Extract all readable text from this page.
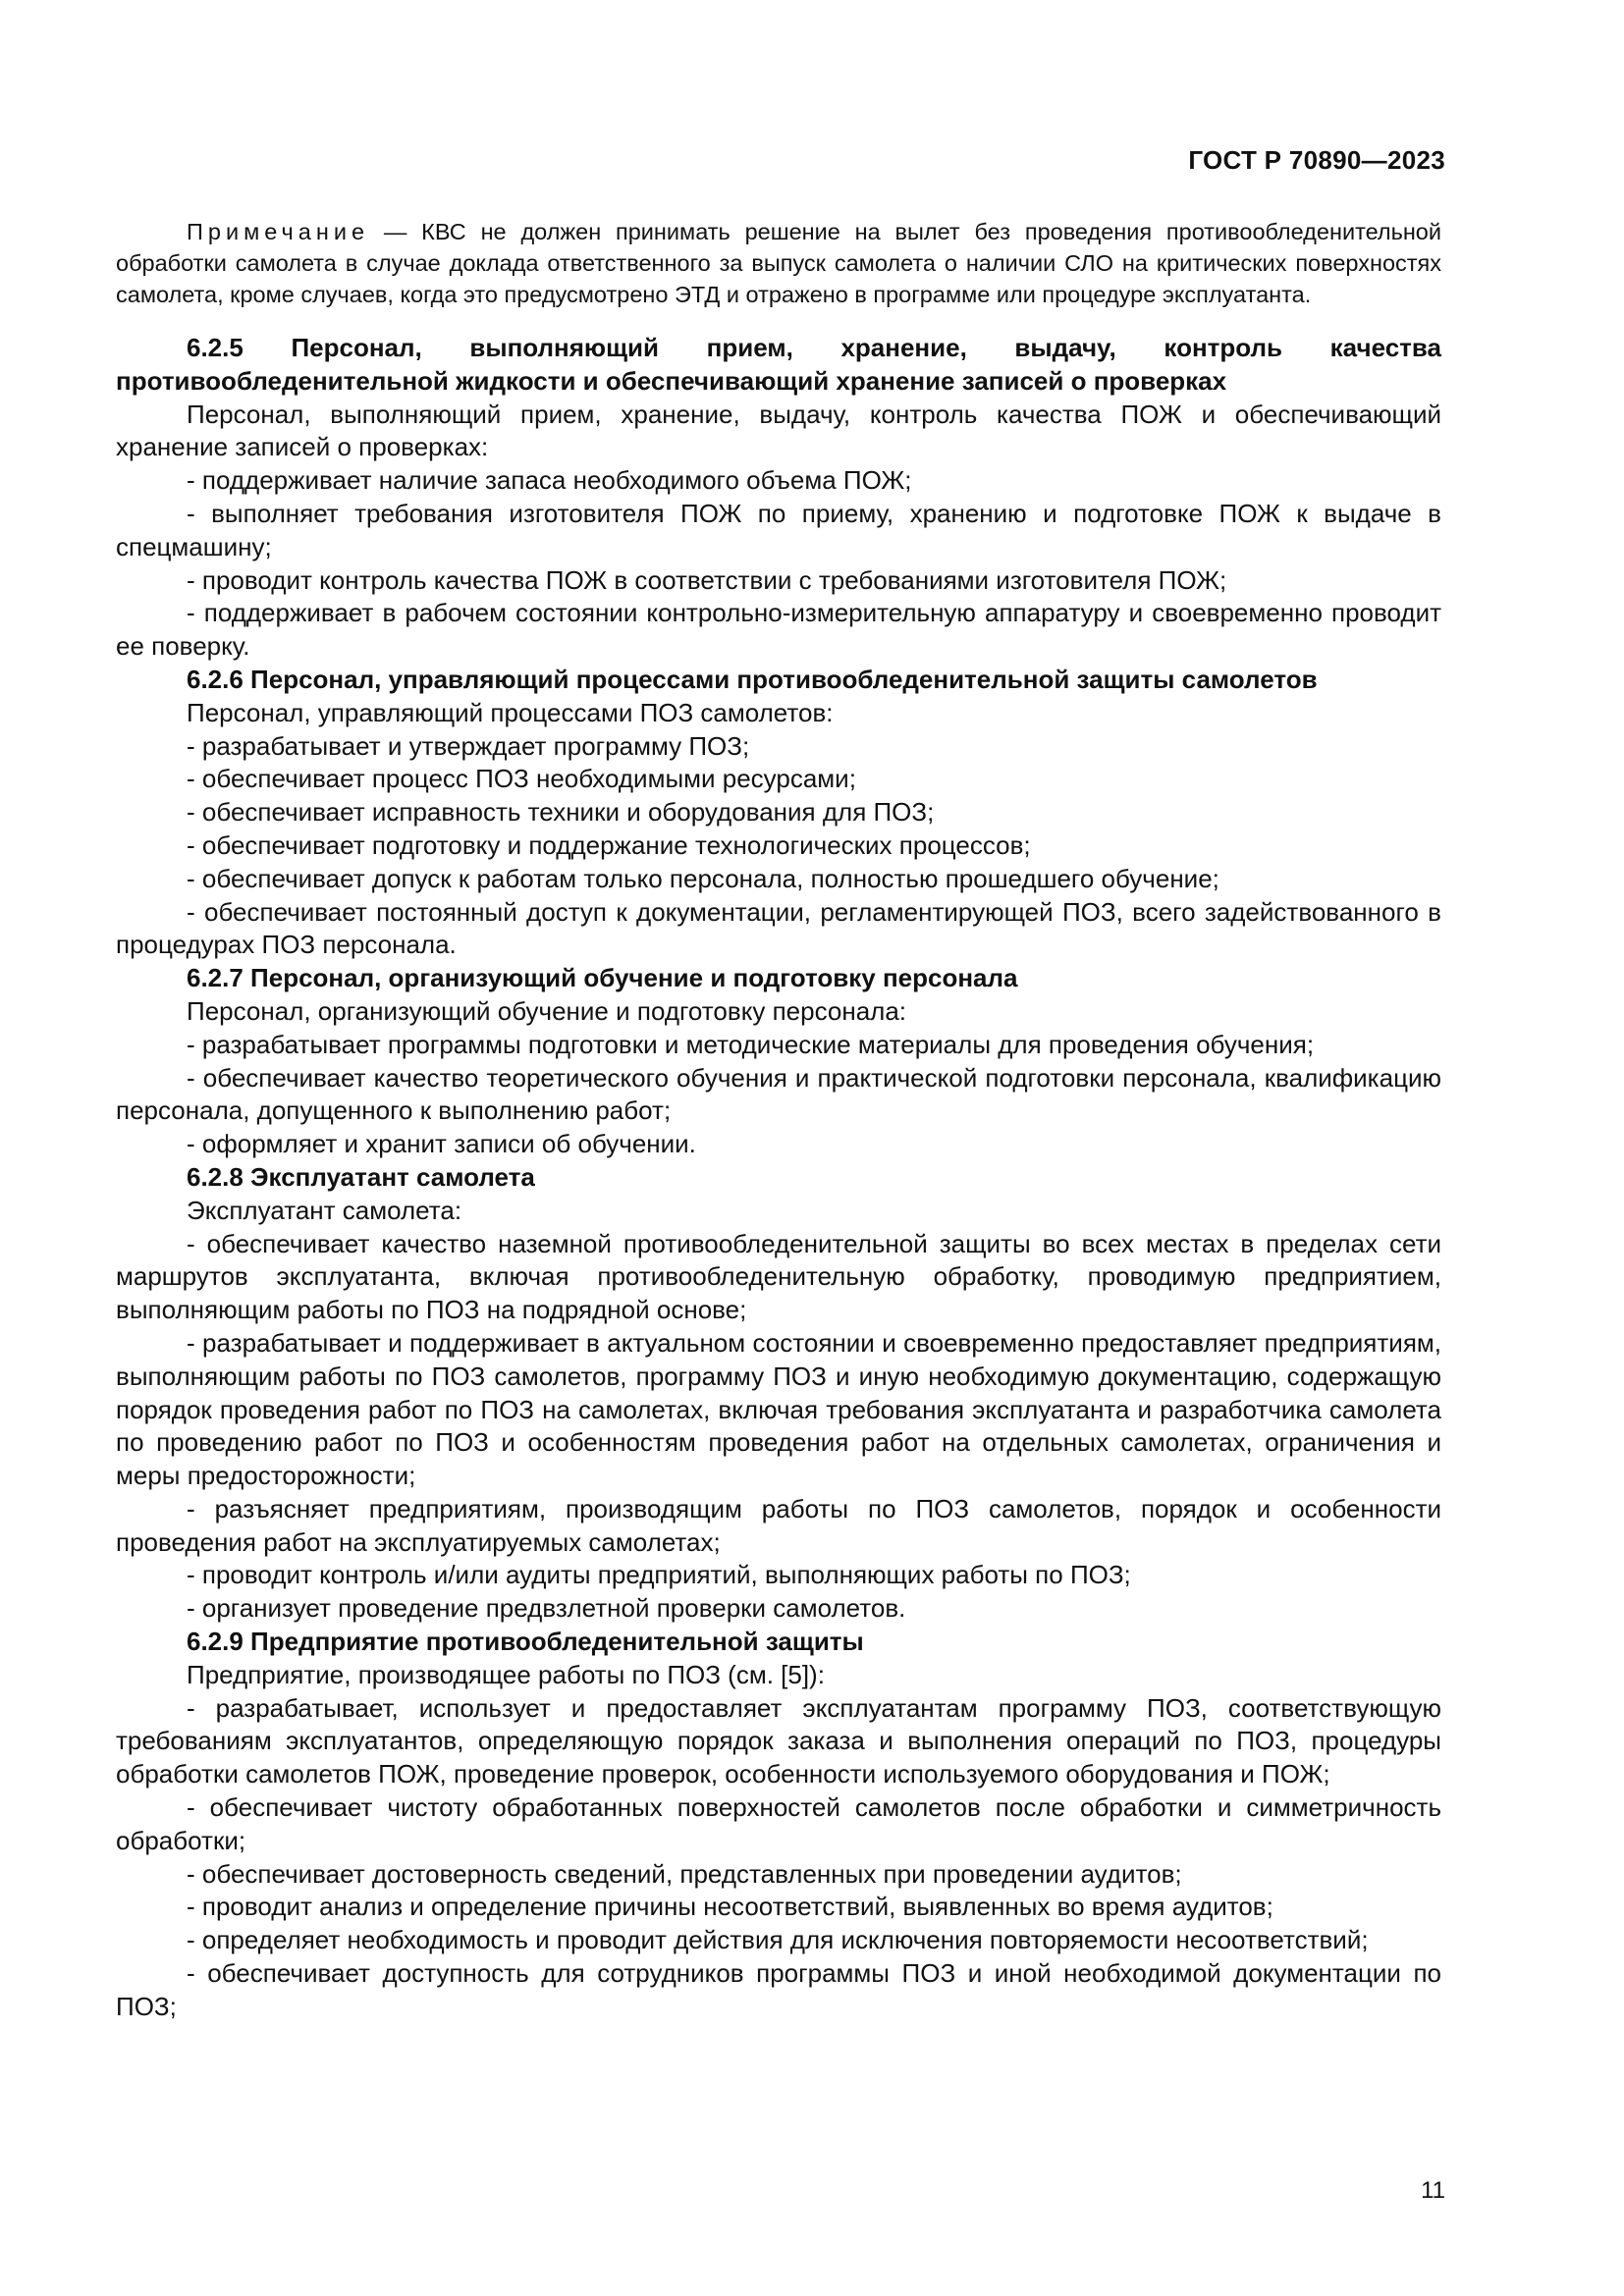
ГОСТ Р 70890—2023

Примечание — КВС не должен принимать решение на вылет без проведения противообледенительной обработки самолета в случае доклада ответственного за выпуск самолета о наличии СЛО на критических поверхностях самолета, кроме случаев, когда это предусмотрено ЭТД и отражено в программе или процедуре эксплуатанта.

6.2.5 Персонал, выполняющий прием, хранение, выдачу, контроль качества противообледенительной жидкости и обеспечивающий хранение записей о проверках

Персонал, выполняющий прием, хранение, выдачу, контроль качества ПОЖ и обеспечивающий хранение записей о проверках:

- поддерживает наличие запаса необходимого объема ПОЖ;

- выполняет требования изготовителя ПОЖ по приему, хранению и подготовке ПОЖ к выдаче в спецмашину;

- проводит контроль качества ПОЖ в соответствии с требованиями изготовителя ПОЖ;

- поддерживает в рабочем состоянии контрольно-измерительную аппаратуру и своевременно проводит ее поверку.

6.2.6 Персонал, управляющий процессами противообледенительной защиты самолетов

Персонал, управляющий процессами ПОЗ самолетов:

- разрабатывает и утверждает программу ПОЗ;

- обеспечивает процесс ПОЗ необходимыми ресурсами;

- обеспечивает исправность техники и оборудования для ПОЗ;

- обеспечивает подготовку и поддержание технологических процессов;

- обеспечивает допуск к работам только персонала, полностью прошедшего обучение;

- обеспечивает постоянный доступ к документации, регламентирующей ПОЗ, всего задействованного в процедурах ПОЗ персонала.

6.2.7 Персонал, организующий обучение и подготовку персонала

Персонал, организующий обучение и подготовку персонала:

- разрабатывает программы подготовки и методические материалы для проведения обучения;

- обеспечивает качество теоретического обучения и практической подготовки персонала, квалификацию персонала, допущенного к выполнению работ;

- оформляет и хранит записи об обучении.

6.2.8 Эксплуатант самолета

Эксплуатант самолета:

- обеспечивает качество наземной противообледенительной защиты во всех местах в пределах сети маршрутов эксплуатанта, включая противообледенительную обработку, проводимую предприятием, выполняющим работы по ПОЗ на подрядной основе;

- разрабатывает и поддерживает в актуальном состоянии и своевременно предоставляет предприятиям, выполняющим работы по ПОЗ самолетов, программу ПОЗ и иную необходимую документацию, содержащую порядок проведения работ по ПОЗ на самолетах, включая требования эксплуатанта и разработчика самолета по проведению работ по ПОЗ и особенностям проведения работ на отдельных самолетах, ограничения и меры предосторожности;

- разъясняет предприятиям, производящим работы по ПОЗ самолетов, порядок и особенности проведения работ на эксплуатируемых самолетах;

- проводит контроль и/или аудиты предприятий, выполняющих работы по ПОЗ;

- организует проведение предвзлетной проверки самолетов.

6.2.9 Предприятие противообледенительной защиты

Предприятие, производящее работы по ПОЗ (см. [5]):

- разрабатывает, использует и предоставляет эксплуатантам программу ПОЗ, соответствующую требованиям эксплуатантов, определяющую порядок заказа и выполнения операций по ПОЗ, процедуры обработки самолетов ПОЖ, проведение проверок, особенности используемого оборудования и ПОЖ;

- обеспечивает чистоту обработанных поверхностей самолетов после обработки и симметричность обработки;

- обеспечивает достоверность сведений, представленных при проведении аудитов;

- проводит анализ и определение причины несоответствий, выявленных во время аудитов;

- определяет необходимость и проводит действия для исключения повторяемости несоответствий;

- обеспечивает доступность для сотрудников программы ПОЗ и иной необходимой документации по ПОЗ;

11
